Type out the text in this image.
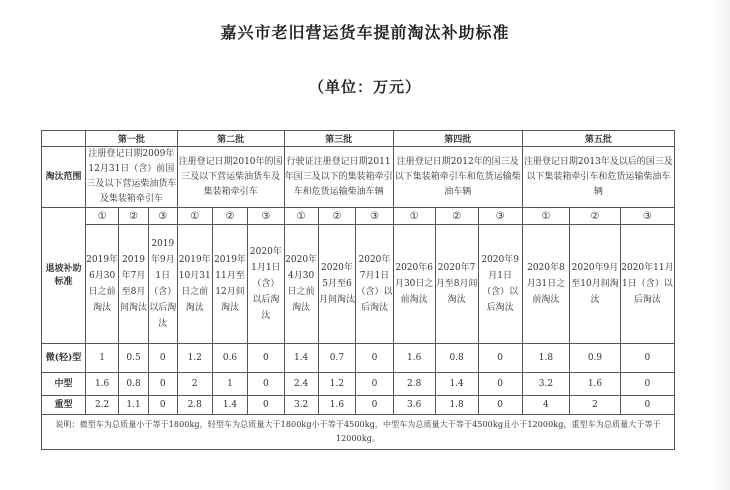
嘉兴市老旧营运货车提前淘汰补助标准
（单位：万元）
	第一批			第二批			第三批			第四批			第五批		
淘汰范围	注册登记日期2009年12月31日（含）前国三及以下营运柴油货车及集装箱牵引车			注册登记日期2010年的国三及以下营运柴油货车及集装箱牵引车			行驶证注册登记日期2011年国三及以下的集装箱牵引车和危货运输柴油车辆			注册登记日期2012年的国三及以下集装箱牵引车和危货运输柴油车辆			注册登记日期2013年及以后的国三及以下集装箱牵引车和危货运输柴油车辆		
退坡补助标准	①	②	③	①	②	③	①	②	③	①	②	③	①	②	③
	2019年6月30日之前淘汰	2019年7月至8月间淘汰	2019年9月1日（含）以后淘汰	2019年10月31日之前淘汰	2019年11月至12月间淘汰	2020年1月1日（含）以后淘汰	2020年4月30日之前淘汰	2020年5月至6月间淘汰	2020年7月1日（含）以后淘汰	2020年6月30日之前淘汰	2020年7月至8月间淘汰	2020年9月1日（含）以后淘汰	2020年8月31日之前淘汰	2020年9月至10月间淘汰	2020年11月1日（含）以后淘汰
微(轻)型	1	0.5	0	1.2	0.6	0	1.4	0.7	0	1.6	0.8	0	1.8	0.9	0
中型	1.6	0.8	0	2	1	0	2.4	1.2	0	2.8	1.4	0	3.2	1.6	0
重型	2.2	1.1	0	2.8	1.4	0	3.2	1.6	0	3.6	1.8	0	4	2	0
说明：微型车为总质量小于等于1800kg，轻型车为总质量大于1800kg小于等于4500kg，中型车为总质量大于等于4500kg且小于12000kg，重型车为总质量大于等于12000kg。															
